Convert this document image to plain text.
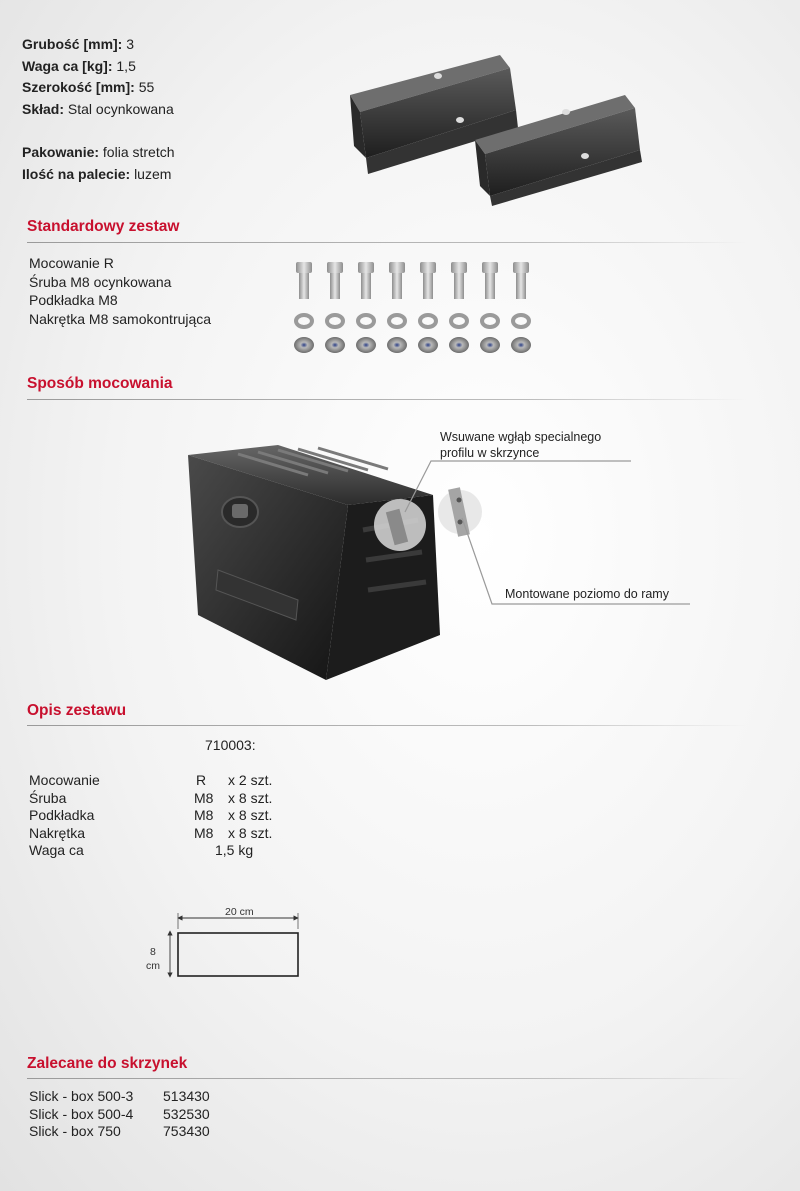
Grubość [mm]: 3
Waga ca [kg]: 1,5
Szerokość [mm]: 55
Skład: Stal ocynkowana
Pakowanie: folia stretch
Ilość na palecie: luzem
Standardowy zestaw
Mocowanie R
Śruba M8 ocynkowana
Podkładka M8
Nakrętka M8 samokontrująca
Sposób mocowania
Wsuwane wgłąb specialnego
profilu w skrzynce
Montowane poziomo do ramy
Opis zestawu
710003:
Mocowanie	R x 2 szt.
Śruba	M8 x 8 szt.
Podkładka	M8 x 8 szt.
Nakrętka	M8 x 8 szt.
Waga ca	1,5 kg
20 cm
8
cm
Zalecane do skrzynek
Slick - box 500-3 513430
Slick - box 500-4 532530
Slick - box 750	753430
